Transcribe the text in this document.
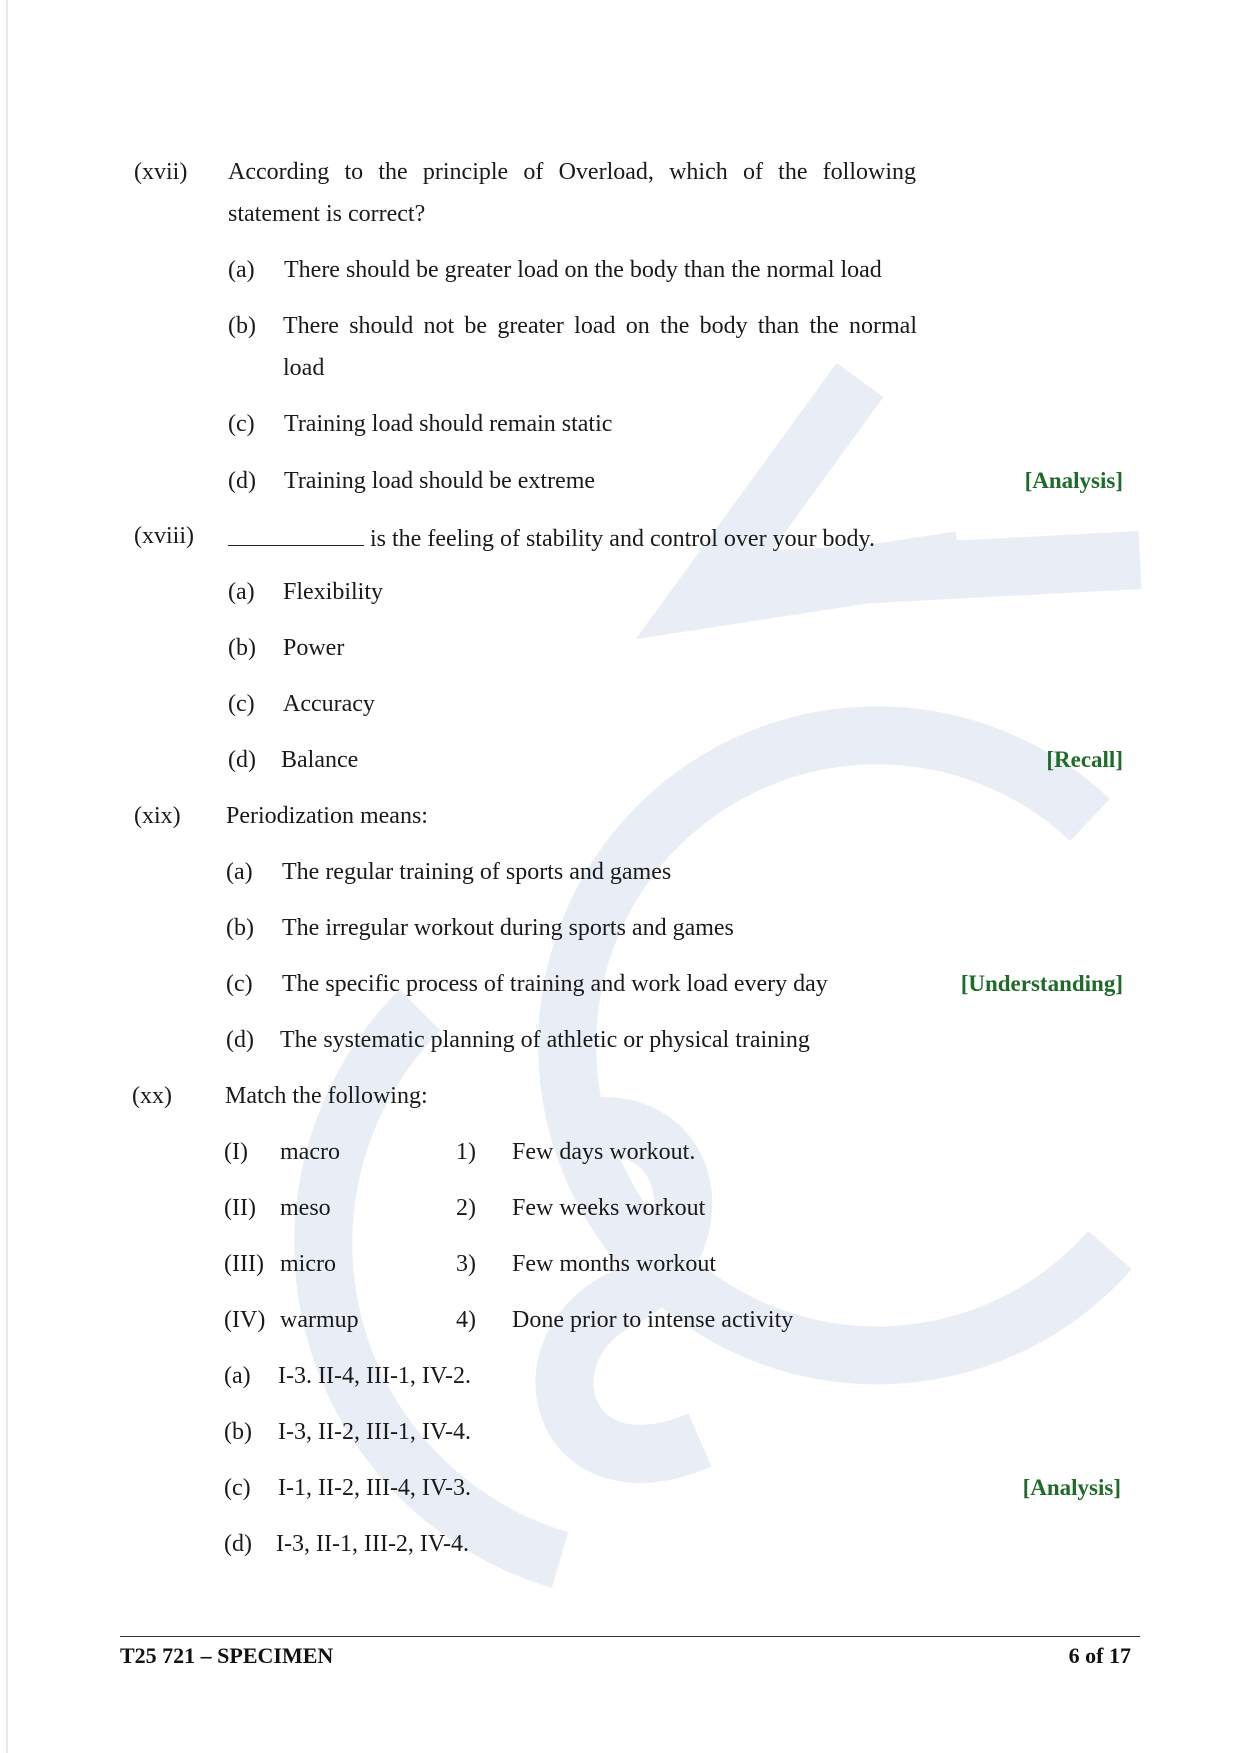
(xvii) According to the principle of Overload, which of the following
statement is correct?
(a) There should be greater load on the body than the normal load
(b) There should not be greater load on the body than the normal
load
(c) Training load should remain static
(d) Training load should be extreme	[Analysis]
(xviii)	is the feeling of stability and control over your body.
(a) Flexibility
(b) Power
(c) Accuracy
(d) Balance	[Recall]
(xix) Periodization means:
(a) The regular training of sports and games
(b) The irregular workout during sports and games
(c) The specific process of training and work load every day	[Understanding]
(d) The systematic planning of athletic or physical training
(xx) Match the following:
(I) macro	1) Few days workout.
(II) meso	2) Few weeks workout
(III) micro	3) Few months workout
(IV) warmup	4) Done prior to intense activity
(a) I-3. II-4, III-1, IV-2.
(b) I-3, II-2, III-1, IV-4.
(c) I-1, II-2, III-4, IV-3.	[Analysis]
(d) I-3, II-1, III-2, IV-4.
T25 721 – SPECIMEN	6 of 17
